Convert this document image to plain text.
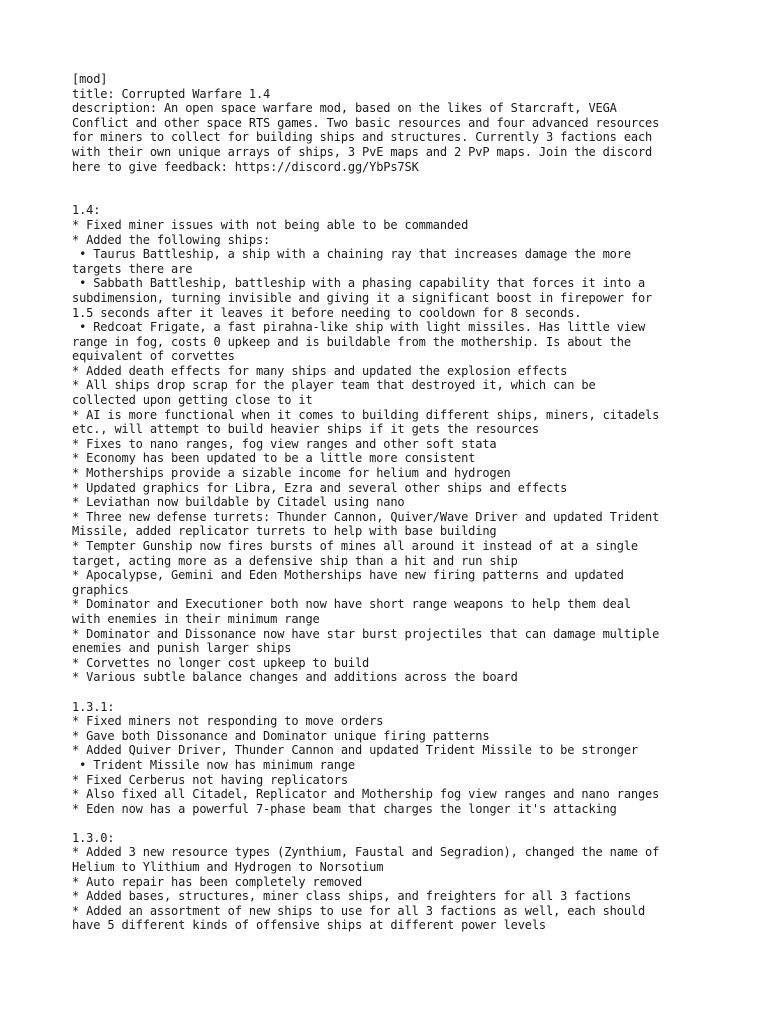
[mod]
title: Corrupted Warfare 1.4
description: An open space warfare mod, based on the likes of Starcraft, VEGA
Conflict and other space RTS games. Two basic resources and four advanced resources
for miners to collect for building ships and structures. Currently 3 factions each
with their own unique arrays of ships, 3 PvE maps and 2 PvP maps. Join the discord
here to give feedback: https://discord.gg/YbPs7SK
1.4:
* Fixed miner issues with not being able to be commanded
* Added the following ships:
• Taurus Battleship, a ship with a chaining ray that increases damage the more
targets there are
• Sabbath Battleship, battleship with a phasing capability that forces it into a
subdimension, turning invisible and giving it a significant boost in firepower for
1.5 seconds after it leaves it before needing to cooldown for 8 seconds.
• Redcoat Frigate, a fast pirahna-like ship with light missiles. Has little view
range in fog, costs 0 upkeep and is buildable from the mothership. Is about the
equivalent of corvettes
* Added death effects for many ships and updated the explosion effects
* All ships drop scrap for the player team that destroyed it, which can be
collected upon getting close to it
* AI is more functional when it comes to building different ships, miners, citadels
etc., will attempt to build heavier ships if it gets the resources
* Fixes to nano ranges, fog view ranges and other soft stata
* Economy has been updated to be a little more consistent
* Motherships provide a sizable income for helium and hydrogen
* Updated graphics for Libra, Ezra and several other ships and effects
* Leviathan now buildable by Citadel using nano
* Three new defense turrets: Thunder Cannon, Quiver/Wave Driver and updated Trident
Missile, added replicator turrets to help with base building
* Tempter Gunship now fires bursts of mines all around it instead of at a single
target, acting more as a defensive ship than a hit and run ship
* Apocalypse, Gemini and Eden Motherships have new firing patterns and updated
graphics
* Dominator and Executioner both now have short range weapons to help them deal
with enemies in their minimum range
* Dominator and Dissonance now have star burst projectiles that can damage multiple
enemies and punish larger ships
* Corvettes no longer cost upkeep to build
* Various subtle balance changes and additions across the board
1.3.1:
* Fixed miners not responding to move orders
* Gave both Dissonance and Dominator unique firing patterns
* Added Quiver Driver, Thunder Cannon and updated Trident Missile to be stronger
• Trident Missile now has minimum range
* Fixed Cerberus not having replicators
* Also fixed all Citadel, Replicator and Mothership fog view ranges and nano ranges
* Eden now has a powerful 7-phase beam that charges the longer it's attacking
1.3.0:
* Added 3 new resource types (Zynthium, Faustal and Segradion), changed the name of
Helium to Ylithium and Hydrogen to Norsotium
* Auto repair has been completely removed
* Added bases, structures, miner class ships, and freighters for all 3 factions
* Added an assortment of new ships to use for all 3 factions as well, each should
have 5 different kinds of offensive ships at different power levels
